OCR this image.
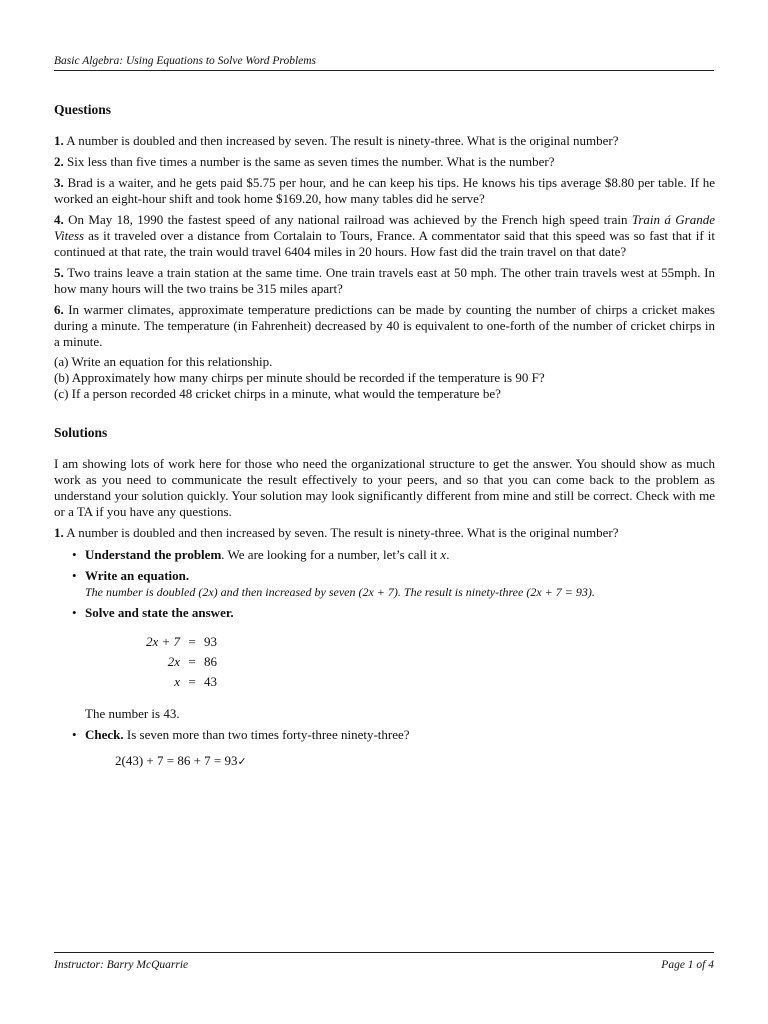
Basic Algebra: Using Equations to Solve Word Problems
Questions

1. A number is doubled and then increased by seven. The result is ninety-three. What is the original number?

2. Six less than five times a number is the same as seven times the number. What is the number?

3. Brad is a waiter, and he gets paid $5.75 per hour, and he can keep his tips. He knows his tips average $8.80 per table. If he worked an eight-hour shift and took home $169.20, how many tables did he serve?

4. On May 18, 1990 the fastest speed of any national railroad was achieved by the French high speed train Train á Grande Vitess as it traveled over a distance from Cortalain to Tours, France. A commentator said that this speed was so fast that if it continued at that rate, the train would travel 6404 miles in 20 hours. How fast did the train travel on that date?

5. Two trains leave a train station at the same time. One train travels east at 50 mph. The other train travels west at 55mph. In how many hours will the two trains be 315 miles apart?

6. In warmer climates, approximate temperature predictions can be made by counting the number of chirps a cricket makes during a minute. The temperature (in Fahrenheit) decreased by 40 is equivalent to one-forth of the number of cricket chirps in a minute.

(a) Write an equation for this relationship.

(b) Approximately how many chirps per minute should be recorded if the temperature is 90 F?

(c) If a person recorded 48 cricket chirps in a minute, what would the temperature be?

Solutions

I am showing lots of work here for those who need the organizational structure to get the answer. You should show as much work as you need to communicate the result effectively to your peers, and so that you can come back to the problem as understand your solution quickly. Your solution may look significantly different from mine and still be correct. Check with me or a TA if you have any questions.

1. A number is doubled and then increased by seven. The result is ninety-three. What is the original number?

• Understand the problem. We are looking for a number, let’s call it x.
• Write an equation.
The number is doubled (2x) and then increased by seven (2x + 7). The result is ninety-three (2x + 7 = 93).
• Solve and state the answer.
2x + 7 = 93
2x = 86
x = 43
The number is 43.
• Check. Is seven more than two times forty-three ninety-three?
2(43) + 7 = 86 + 7 = 93✓
Instructor: Barry McQuarrie	Page 1 of 4
